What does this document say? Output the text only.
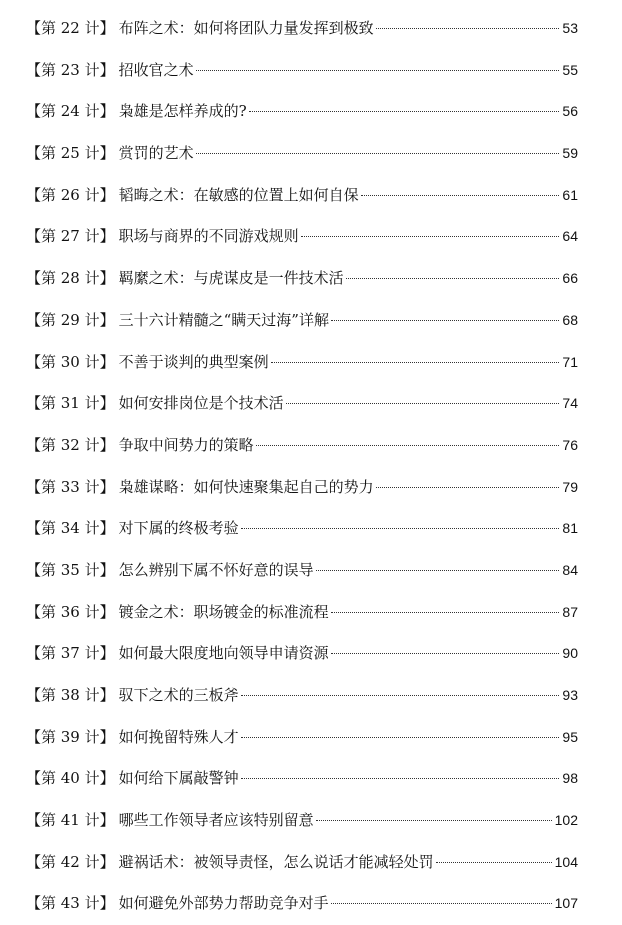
【第 22 计】 布阵之术：如何将团队力量发挥到极致	53
【第 23 计】 招收官之术	55
【第 24 计】 枭雄是怎样养成的?	56
【第 25 计】 赏罚的艺术	59
【第 26 计】 韬晦之术：在敏感的位置上如何自保	61
【第 27 计】 职场与商界的不同游戏规则	64
【第 28 计】 羁縻之术：与虎谋皮是一件技术活	66
【第 29 计】 三十六计精髓之“瞒天过海”详解	68
【第 30 计】 不善于谈判的典型案例	71
【第 31 计】 如何安排岗位是个技术活	74
【第 32 计】 争取中间势力的策略	76
【第 33 计】 枭雄谋略：如何快速聚集起自己的势力	79
【第 34 计】 对下属的终极考验	81
【第 35 计】 怎么辨别下属不怀好意的误导	84
【第 36 计】 镀金之术：职场镀金的标准流程	87
【第 37 计】 如何最大限度地向领导申请资源	90
【第 38 计】 驭下之术的三板斧	93
【第 39 计】 如何挽留特殊人才	95
【第 40 计】 如何给下属敲警钟	98
【第 41 计】 哪些工作领导者应该特别留意	102
【第 42 计】 避祸话术：被领导责怪，怎么说话才能减轻处罚	104
【第 43 计】 如何避免外部势力帮助竞争对手	107
